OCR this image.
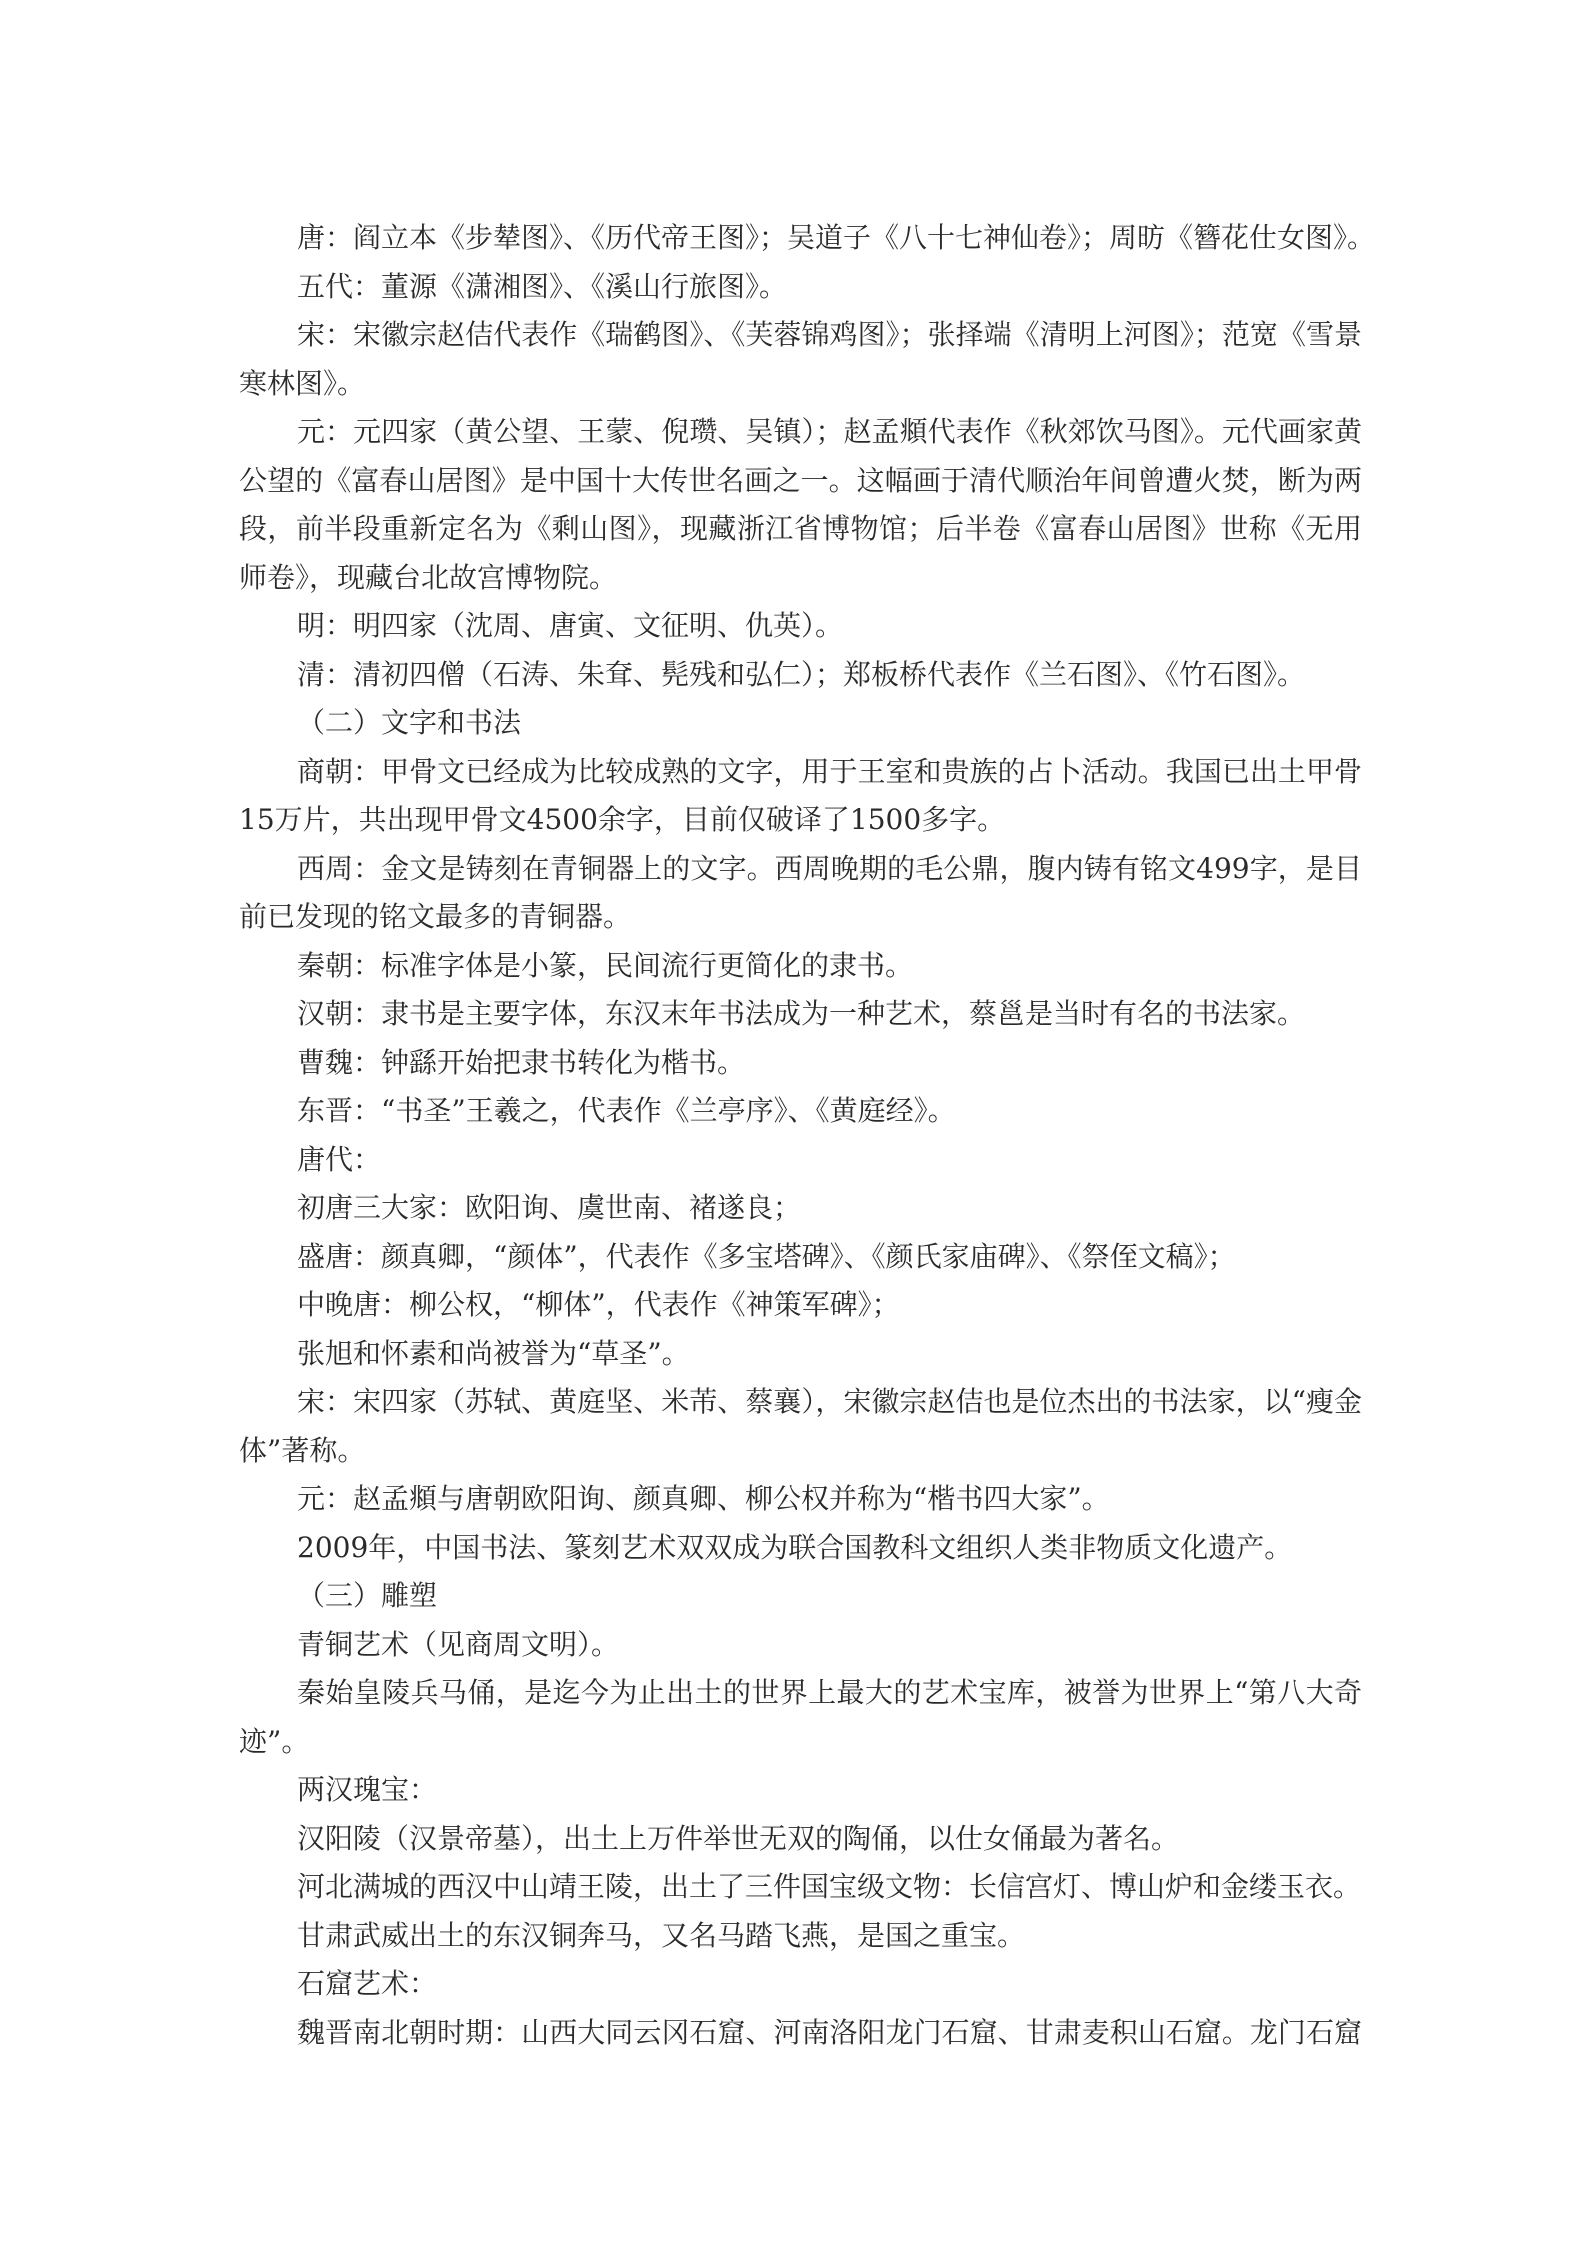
唐：阎立本《步辇图》、《历代帝王图》；吴道子《八十七神仙卷》；周昉《簪花仕女图》。
五代：董源《潇湘图》、《溪山行旅图》。
宋：宋徽宗赵佶代表作《瑞鹤图》、《芙蓉锦鸡图》；张择端《清明上河图》；范宽《雪景
寒林图》。
元：元四家（黄公望、王蒙、倪瓒、吴镇）；赵孟頫代表作《秋郊饮马图》。元代画家黄
公望的《富春山居图》是中国十大传世名画之一。这幅画于清代顺治年间曾遭火焚，断为两
段，前半段重新定名为《剩山图》，现藏浙江省博物馆；后半卷《富春山居图》世称《无用
师卷》，现藏台北故宫博物院。
明：明四家（沈周、唐寅、文征明、仇英）。
清：清初四僧（石涛、朱耷、髡残和弘仁）；郑板桥代表作《兰石图》、《竹石图》。
（二）文字和书法
商朝：甲骨文已经成为比较成熟的文字，用于王室和贵族的占卜活动。我国已出土甲骨
15万片，共出现甲骨文4500余字，目前仅破译了1500多字。
西周：金文是铸刻在青铜器上的文字。西周晚期的毛公鼎，腹内铸有铭文499字，是目
前已发现的铭文最多的青铜器。
秦朝：标准字体是小篆，民间流行更简化的隶书。
汉朝：隶书是主要字体，东汉末年书法成为一种艺术，蔡邕是当时有名的书法家。
曹魏：钟繇开始把隶书转化为楷书。
东晋：“书圣”王羲之，代表作《兰亭序》、《黄庭经》。
唐代：
初唐三大家：欧阳询、虞世南、褚遂良；
盛唐：颜真卿，“颜体”，代表作《多宝塔碑》、《颜氏家庙碑》、《祭侄文稿》；
中晚唐：柳公权，“柳体”，代表作《神策军碑》；
张旭和怀素和尚被誉为“草圣”。
宋：宋四家（苏轼、黄庭坚、米芾、蔡襄），宋徽宗赵佶也是位杰出的书法家，以“瘦金
体”著称。
元：赵孟頫与唐朝欧阳询、颜真卿、柳公权并称为“楷书四大家”。
2009年，中国书法、篆刻艺术双双成为联合国教科文组织人类非物质文化遗产。
（三）雕塑
青铜艺术（见商周文明）。
秦始皇陵兵马俑，是迄今为止出土的世界上最大的艺术宝库，被誉为世界上“第八大奇
迹”。
两汉瑰宝：
汉阳陵（汉景帝墓），出土上万件举世无双的陶俑，以仕女俑最为著名。
河北满城的西汉中山靖王陵，出土了三件国宝级文物：长信宫灯、博山炉和金缕玉衣。
甘肃武威出土的东汉铜奔马，又名马踏飞燕，是国之重宝。
石窟艺术：
魏晋南北朝时期：山西大同云冈石窟、河南洛阳龙门石窟、甘肃麦积山石窟。龙门石窟
